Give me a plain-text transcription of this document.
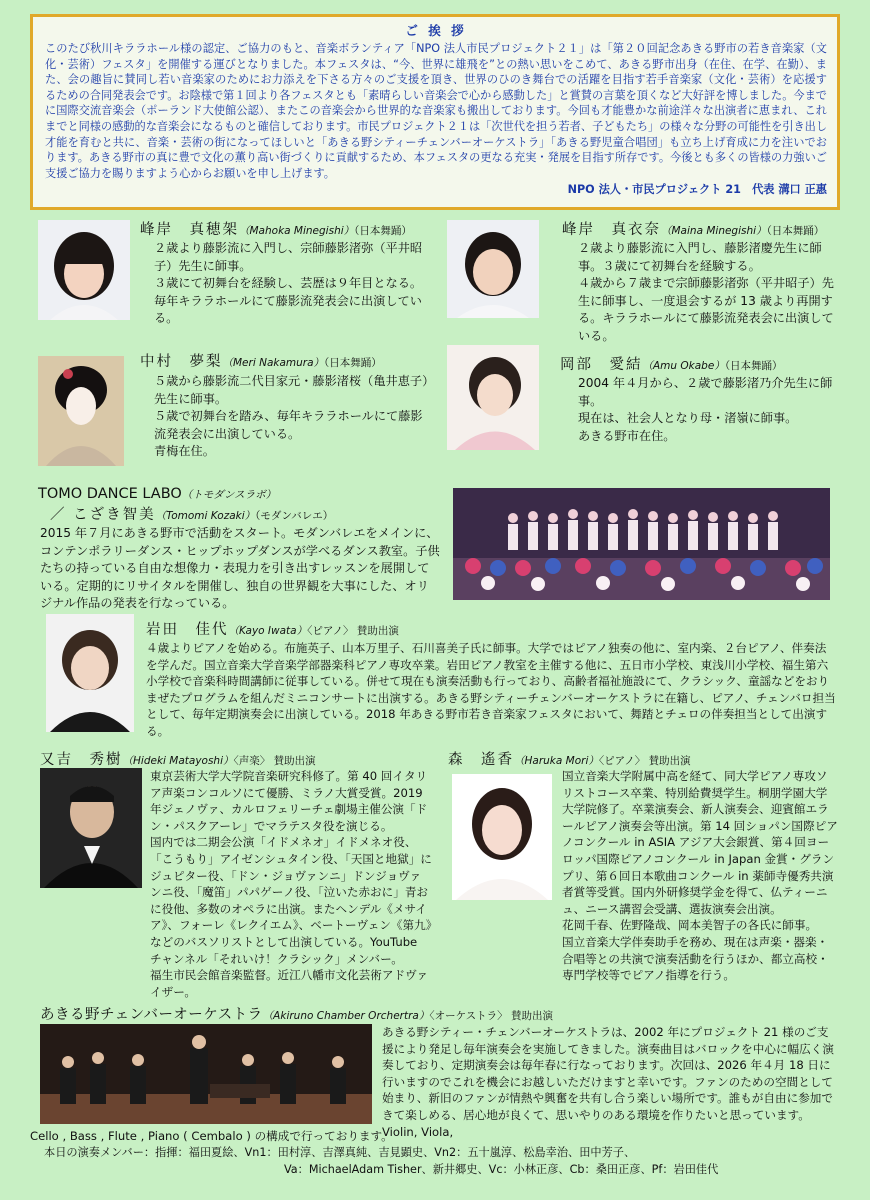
ご 挨 拶
このたび秋川キララホール様の認定、ご協力のもと、音楽ボランティア「NPO 法人市民プロジェクト２１」は「第２０回記念あきる野市の若き音楽家（文化・芸術）フェスタ」を開催する運びとなりました。本フェスタは、“今、世界に雄飛を”との熱い思いをこめて、あきる野市出身（在住、在学、在勤）、また、会の趣旨に賛同し若い音楽家のためにお力添えを下さる方々のご支援を頂き、世界のひのき舞台での活躍を目指す若手音楽家（文化・芸術）を応援するための合同発表会です。お陰様で第１回より各フェスタとも「素晴らしい音楽会で心から感動した」と賞賛の言葉を頂くなど大好評を博しました。今までに国際交流音楽会（ポーランド大使館公認）、またこの音楽会から世界的な音楽家も搬出しております。今回も才能豊かな前途洋々な出演者に恵まれ、これまでと同様の感動的な音楽会になるものと確信しております。市民プロジェクト２１は「次世代を担う若者、子どもたち」の様々な分野の可能性を引き出し才能を育むと共に、音楽・芸術の街になってほしいと「あきる野シティーチェンバーオーケストラ」「あきる野児童合唱団」も立ち上げ育成に力を注いでおります。あきる野市の真に豊で文化の薫り高い街づくりに貢献するため、本フェスタの更なる充実・発展を目指す所存です。今後とも多くの皆様の力強いご支援ご協力を賜りますよう心からお願いを申し上げます。
NPO 法人・市民プロジェクト 21　代表 溝口 正惠
峰岸　真穂架（Mahoka Minegishi）（日本舞踊）

２歳より藤影流に入門し、宗師藤影渚弥（平井昭子）先生に師事。

３歳にて初舞台を経験し、芸歴は９年目となる。

毎年キララホールにて藤影流発表会に出演している。

峰岸　真衣奈（Maina Minegishi）（日本舞踊）

２歳より藤影流に入門し、藤影渚慶先生に師事。３歳にて初舞台を経験する。

４歳から７歳まで宗師藤影渚弥（平井昭子）先生に師事し、一度退会するが 13 歳より再開する。キララホールにて藤影流発表会に出演している。

中村　夢梨（Meri Nakamura）（日本舞踊）

５歳から藤影流二代目家元・藤影渚桜（亀井恵子）先生に師事。

５歳で初舞台を踏み、毎年キララホールにて藤影流発表会に出演している。

青梅在住。

岡部　愛結（Amu Okabe）（日本舞踊）

2004 年４月から、２歳で藤影渚乃介先生に師事。

現在は、社会人となり母・渚嶺に師事。

あきる野市在住。

TOMO DANCE LABO（トモダンスラボ）
／ こざき智美（Tomomi Kozaki）（モダンバレエ）

2015 年７月にあきる野市で活動をスタート。モダンバレエをメインに、コンテンポラリーダンス・ヒップホップダンスが学べるダンス教室。子供たちの持っている自由な想像力・表現力を引き出すレッスンを展開している。定期的にリサイタルを開催し、独自の世界観を大事にした、オリジナル作品の発表を行なっている。

岩田　佳代（Kayo Iwata）〈ピアノ〉 賛助出演

４歳よりピアノを始める。布施英子、山本万里子、石川喜美子氏に師事。大学ではピアノ独奏の他に、室内楽、２台ピアノ、伴奏法を学んだ。国立音楽大学音楽学部器楽科ピアノ専攻卒業。岩田ピアノ教室を主催する他に、五日市小学校、東浅川小学校、福生第六小学校で音楽科時間講師に従事している。併せて現在も演奏活動も行っており、高齢者福祉施設にて、クラシック、童謡などをおりまぜたプログラムを組んだミニコンサートに出演する。あきる野シティーチェンバーオーケストラに在籍し、ピアノ、チェンバロ担当として、毎年定期演奏会に出演している。2018 年あきる野市若き音楽家フェスタにおいて、舞踏とチェロの伴奏担当として出演する。

又吉　秀樹（Hideki Matayoshi）〈声楽〉 賛助出演

東京芸術大学大学院音楽研究科修了。第 40 回イタリア声楽コンコルソにて優勝、ミラノ大賞受賞。2019 年ジェノヴァ、カルロフェリーチェ劇場主催公演「ドン・パスクアーレ」でマラテスタ役を演じる。

国内では二期会公演「イドメネオ」イドメネオ役、「こうもり」アイゼンシュタイン役、「天国と地獄」にジュピター役、「ドン・ジョヴァンニ」ドンジョヴァンニ役、「魔笛」パパゲーノ役、「泣いた赤おに」青おに役他、多数のオペラに出演。またヘンデル《メサイア》、フォーレ《レクイエム》、ベートーヴェン《第九》などのバスソリストとして出演している。YouTube チャンネル「それいけ！クラシック」メンバー。

福生市民会館音楽監督。近江八幡市文化芸術アドヴァイザー。

森　遙香（Haruka Mori）〈ピアノ〉 賛助出演

国立音楽大学附属中高を経て、同大学ピアノ専攻ソリストコース卒業、特別給費奨学生。桐朋学園大学大学院修了。卒業演奏会、新人演奏会、迎賓館エラールピアノ演奏会等出演。第 14 回ショパン国際ピアノコンクール in ASIA アジア大会銀賞、第４回ヨーロッパ国際ピアノコンクール in Japan 金賞・グランプリ、第６回日本歌曲コンクール in 薬師寺優秀共演者賞等受賞。国内外研修奨学金を得て、仏ティーニュ、ニース講習会受講、選抜演奏会出演。

花岡千春、佐野隆哉、岡本美智子の各氏に師事。

国立音楽大学伴奏助手を務め、現在は声楽・器楽・合唱等との共演で演奏活動を行うほか、都立高校・専門学校等でピアノ指導を行う。

あきる野チェンバーオーケストラ（Akiruno Chamber Orchertra）〈オーケストラ〉 賛助出演

あきる野シティー・チェンバーオーケストラは、2002 年にプロジェクト 21 様のご支援により発足し毎年演奏会を実施してきました。演奏曲目はバロックを中心に幅広く演奏しており、定期演奏会は毎年春に行なっております。次回は、2026 年４月 18 日に行いますのでこれを機会にお越しいただけますと幸いです。ファンのための空間として始まり、新旧のファンが情熱や興奮を共有し合う楽しい場所です。誰もが自由に参加できて楽しめる、居心地が良くて、思いやりのある環境を作りたいと思っています。Violin, Viola,

Cello , Bass , Flute , Piano ( Cembalo ) の構成で行っております。

本日の演奏メンバー：指揮：福田夏絵、Vn1：田村淳、吉澤真純、吉見顕史、Vn2：五十嵐淳、松島幸治、田中芳子、

Va：MichaelAdam Tisher、新井郷史、Vc：小林正彦、Cb：桑田正彦、Pf：岩田佳代
